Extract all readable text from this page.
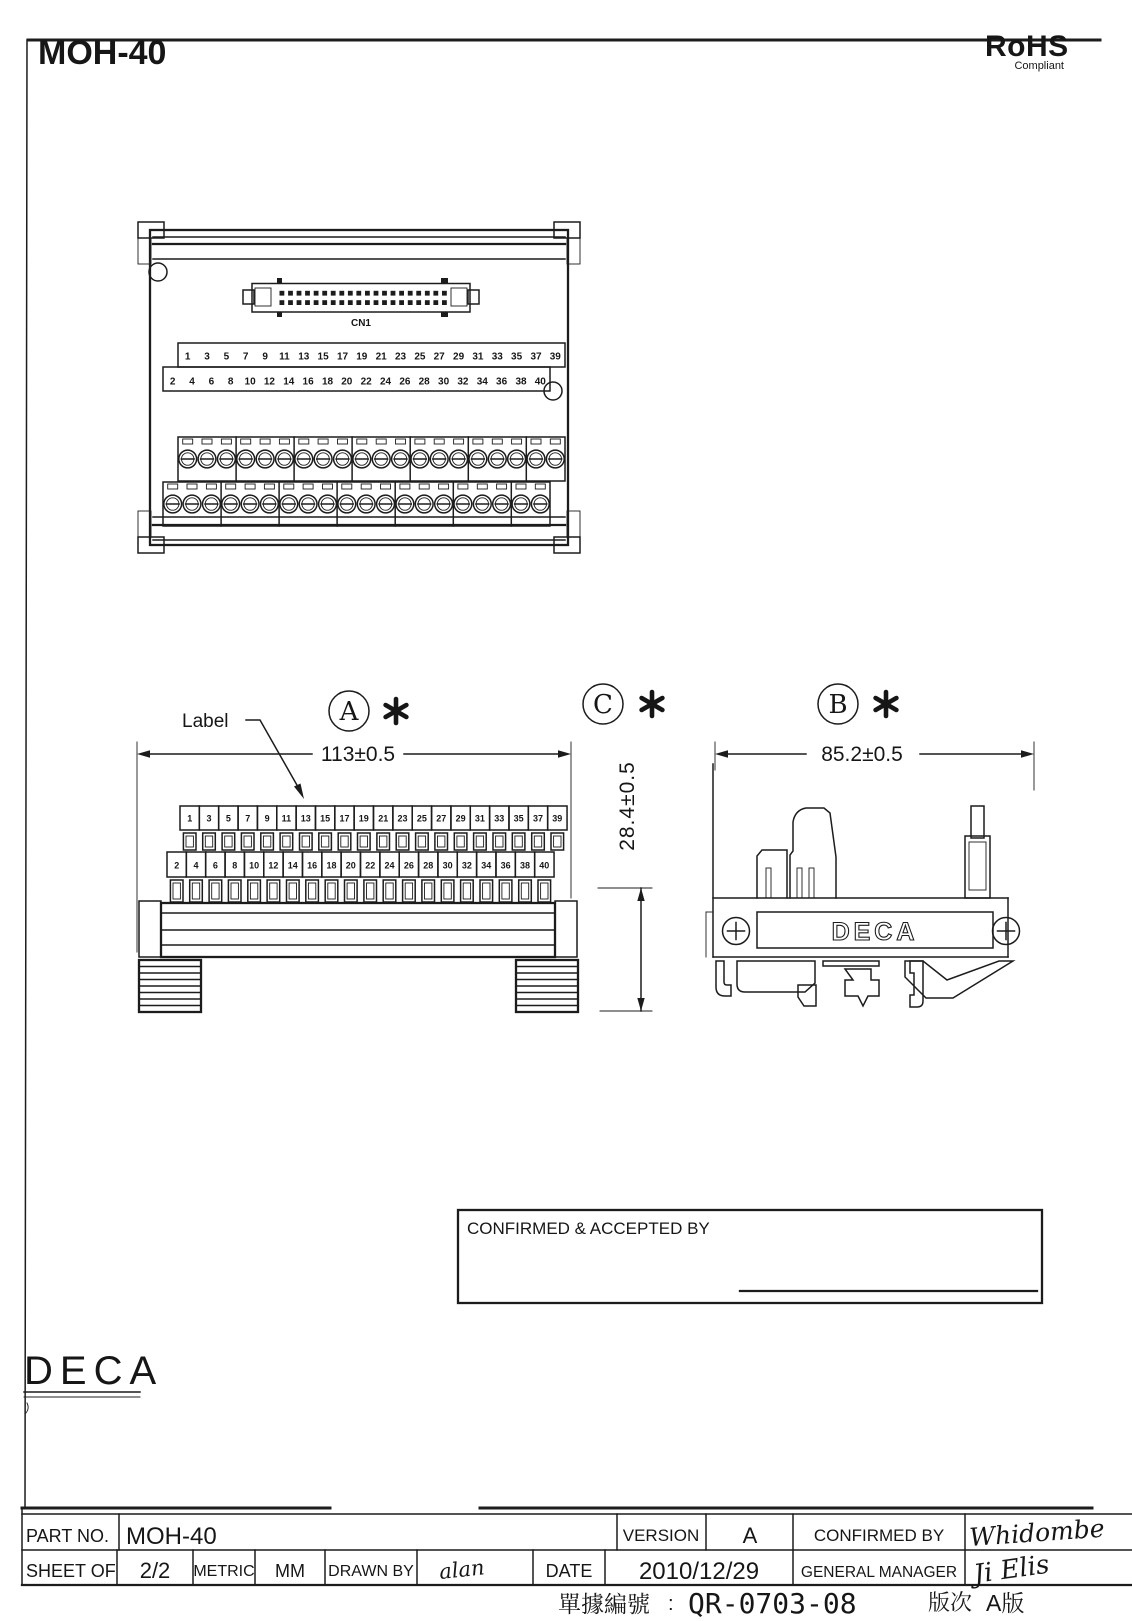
MOH-40	RoHS
Compliant
CN1
1 3 5 7 9 11 13 15 17 19 21 23 25 27 29 31 33 35 37 39
2 4 6 8 10 12 14 16 18 20 22 24 26 28 30 32 34 36 38 40
Label	A
113±0.5
C
28.4±0.5
B
85.2±0.5
1 3 5 7 9 11 13 15 17 19 21 23 25 27 29 31 33 35 37 39
2 4 6 8 10 12 14 16 18 20 22 24 26 28 30 32 34 36 38 40
DECA
CONFIRMED & ACCEPTED BY
DECA
PART NO. MOH-40	VERSION A	CONFIRMED BY Whidombe
SHEET OF 2/2 METRIC MM DRAWN BY alan	DATE 2010/12/29	GENERAL MANAGER Ji Elis
單據編號 : QR-0703-08	版次 A版
